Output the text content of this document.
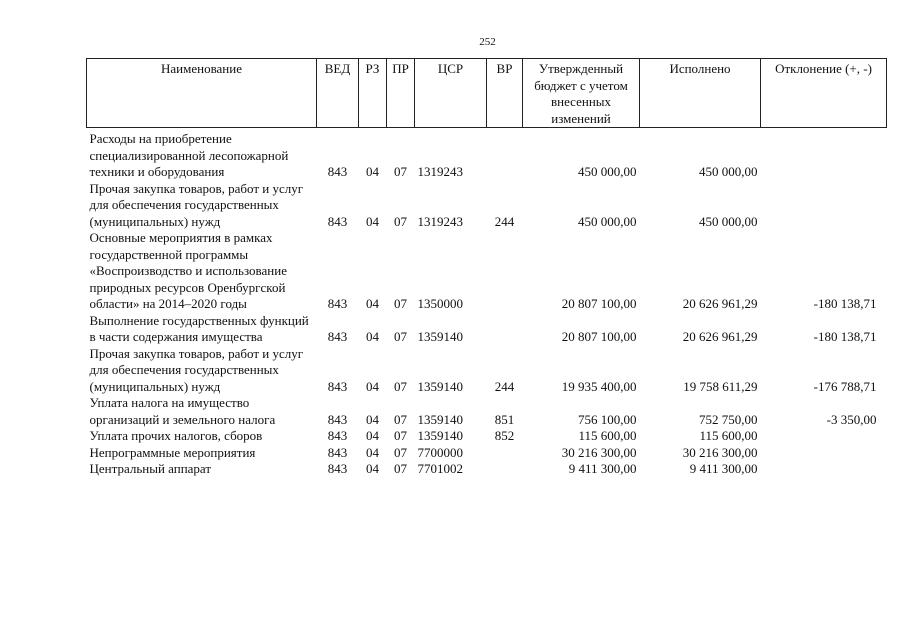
252
Наименование	ВЕД	РЗ	ПР	ЦСР	ВР	Утвержденный бюджет с учетом внесенных изменений	Исполнено	Отклонение (+, -)
Расходы на приобретение специализированной лесопожарной техники и оборудования	843	04	07	1319243		450 000,00	450 000,00	
Прочая закупка товаров, работ и услуг для обеспечения государственных (муниципальных) нужд	843	04	07	1319243	244	450 000,00	450 000,00	
Основные мероприятия в рамках государственной программы «Воспроизводство и использование природных ресурсов Оренбургской области» на 2014–2020 годы	843	04	07	1350000		20 807 100,00	20 626 961,29	-180 138,71
Выполнение государственных функций в части содержания имущества	843	04	07	1359140		20 807 100,00	20 626 961,29	-180 138,71
Прочая закупка товаров, работ и услуг для обеспечения государственных (муниципальных) нужд	843	04	07	1359140	244	19 935 400,00	19 758 611,29	-176 788,71
Уплата налога на имущество организаций и земельного налога	843	04	07	1359140	851	756 100,00	752 750,00	-3 350,00
Уплата прочих налогов, сборов	843	04	07	1359140	852	115 600,00	115 600,00	
Непрограммные мероприятия	843	04	07	7700000		30 216 300,00	30 216 300,00	
Центральный аппарат	843	04	07	7701002		9 411 300,00	9 411 300,00	
